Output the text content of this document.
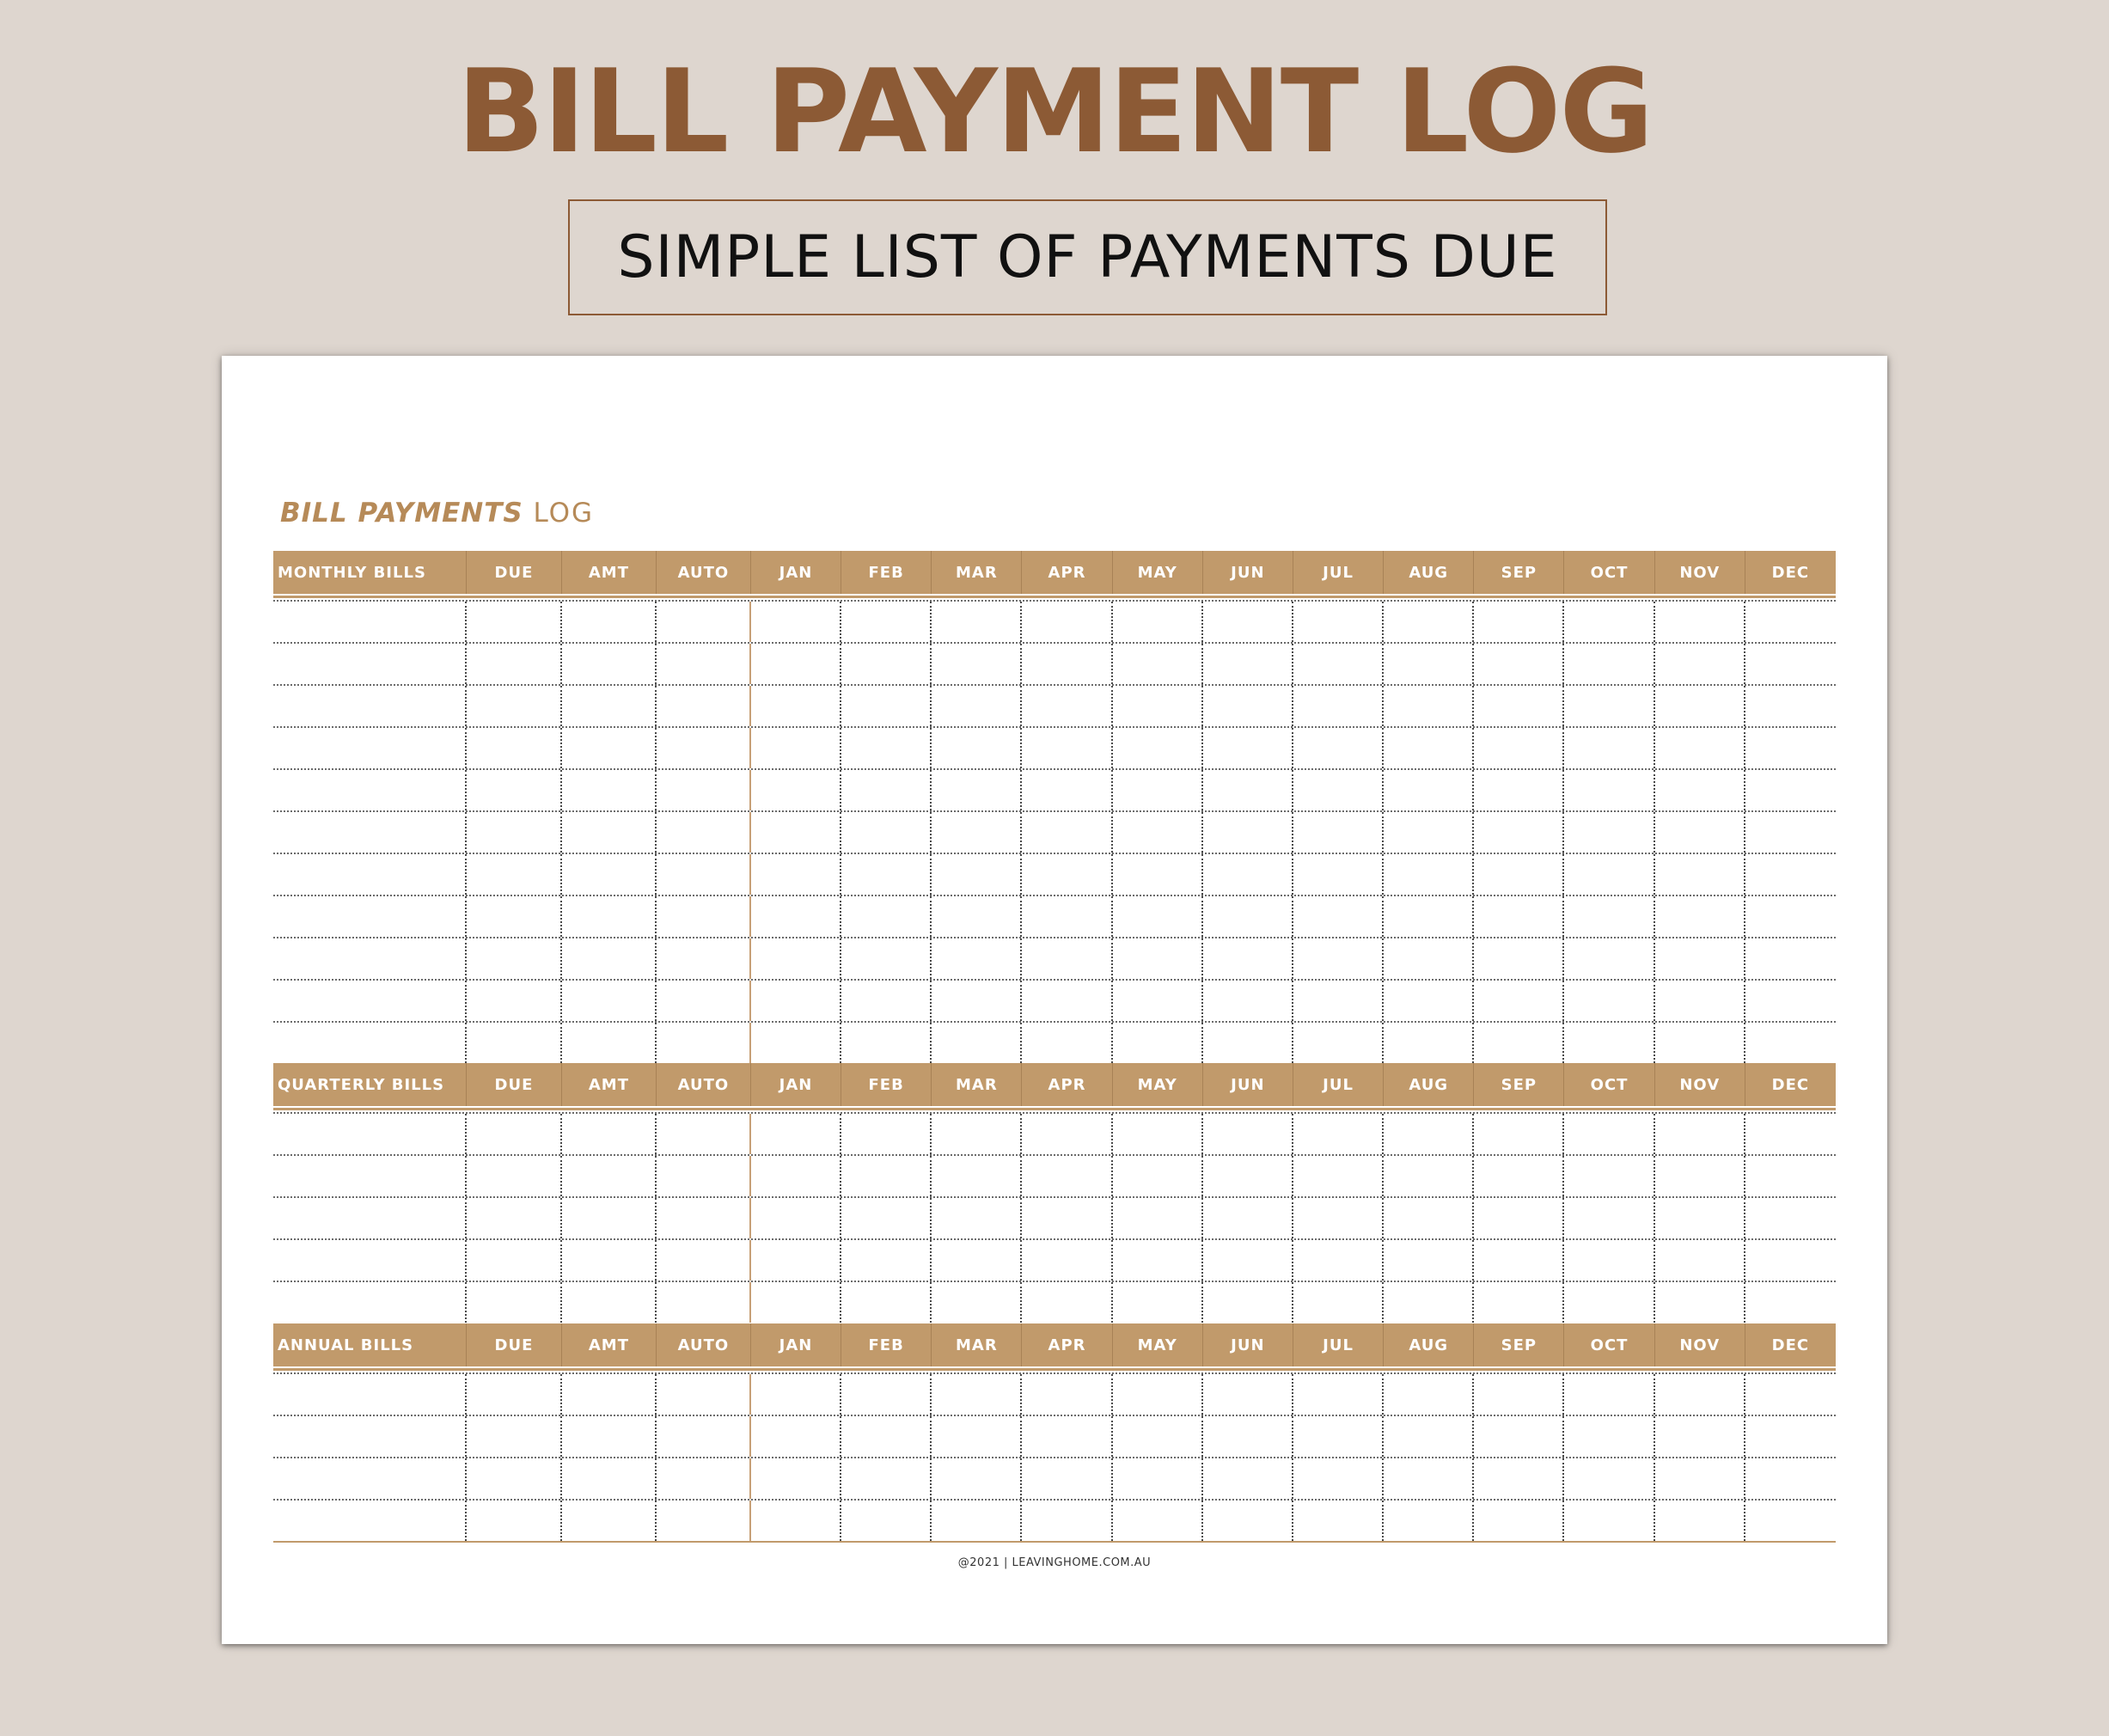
BILL PAYMENT LOG
SIMPLE LIST OF PAYMENTS DUE
BILL PAYMENTS LOG
MONTHLY BILLS	DUE	AMT	AUTO	JAN	FEB	MAR	APR	MAY	JUN	JUL	AUG	SEP	OCT	NOV	DEC
QUARTERLY BILLS	DUE	AMT	AUTO	JAN	FEB	MAR	APR	MAY	JUN	JUL	AUG	SEP	OCT	NOV	DEC
ANNUAL BILLS	DUE	AMT	AUTO	JAN	FEB	MAR	APR	MAY	JUN	JUL	AUG	SEP	OCT	NOV	DEC
@2021 | LEAVINGHOME.COM.AU
